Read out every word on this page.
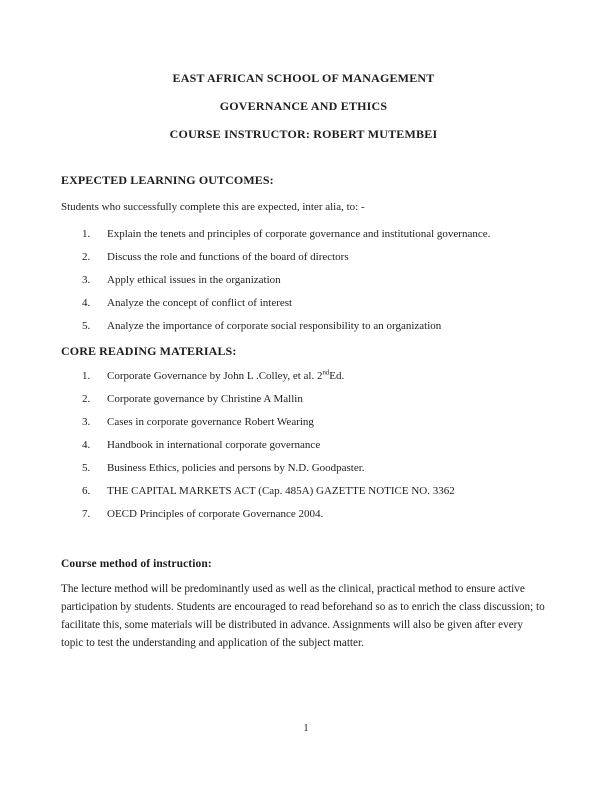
EAST AFRICAN SCHOOL OF MANAGEMENT
GOVERNANCE AND ETHICS
COURSE INSTRUCTOR: ROBERT MUTEMBEI
EXPECTED LEARNING OUTCOMES:
Students who successfully complete this are expected, inter alia, to: -
1. Explain the tenets and principles of corporate governance and institutional governance.
2. Discuss the role and functions of the board of directors
3. Apply ethical issues in the organization
4. Analyze the concept of conflict of interest
5. Analyze the importance of corporate social responsibility to an organization
CORE READING MATERIALS:
1. Corporate Governance by John L .Colley, et al. 2ndEd.
2. Corporate governance by Christine A Mallin
3. Cases in corporate governance Robert Wearing
4. Handbook in international corporate governance
5. Business Ethics, policies and persons by N.D. Goodpaster.
6. THE CAPITAL MARKETS ACT (Cap. 485A) GAZETTE NOTICE NO. 3362
7. OECD Principles of corporate Governance 2004.
Course method of instruction:
The lecture method will be predominantly used as well as the clinical, practical method to ensure active participation by students. Students are encouraged to read beforehand so as to enrich the class discussion; to facilitate this, some materials will be distributed in advance. Assignments will also be given after every topic to test the understanding and application of the subject matter.
1
